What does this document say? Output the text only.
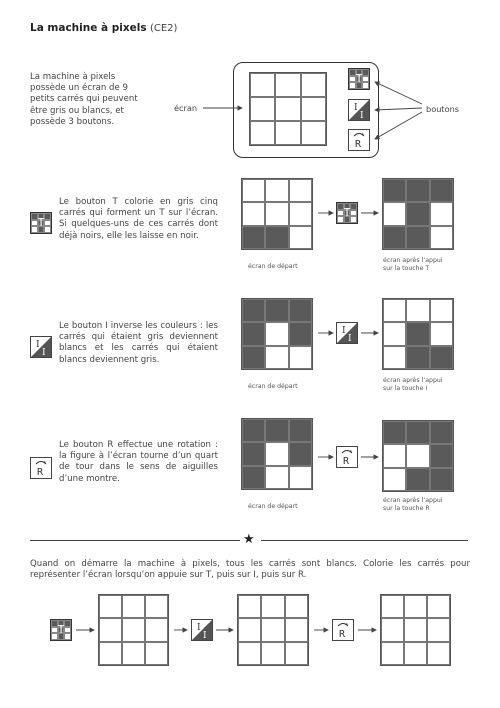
La machine à pixels (CE2)
La machine à pixels possède un écran de 9 petits carrés qui peuvent être gris ou blancs, et possède 3 boutons.
écran	boutons
T
I
I
R
T
Le bouton T colorie en gris cinq carrés qui forment un T sur l’écran. Si quelques-uns de ces carrés dont déjà noirs, elle les laisse en noir.
T
écran de départ
écran après l’appui
sur la touche T
I
I
Le bouton I inverse les couleurs : les carrés qui étaient gris deviennent blancs et les carrés qui étaient blancs deviennent gris.
I
I
écran de départ
écran après l’appui
sur la touche I
R
Le bouton R effectue une rotation : la figure à l’écran tourne d’un quart de tour dans le sens de aiguilles d’une montre.
R
écran de départ
écran après l’appui
sur la touche R
★
Quand on démarre la machine à pixels, tous les carrés sont blancs. Colorie les carrés pour représenter l’écran lorsqu’on appuie sur T, puis sur I, puis sur R.
T	I
I	R
